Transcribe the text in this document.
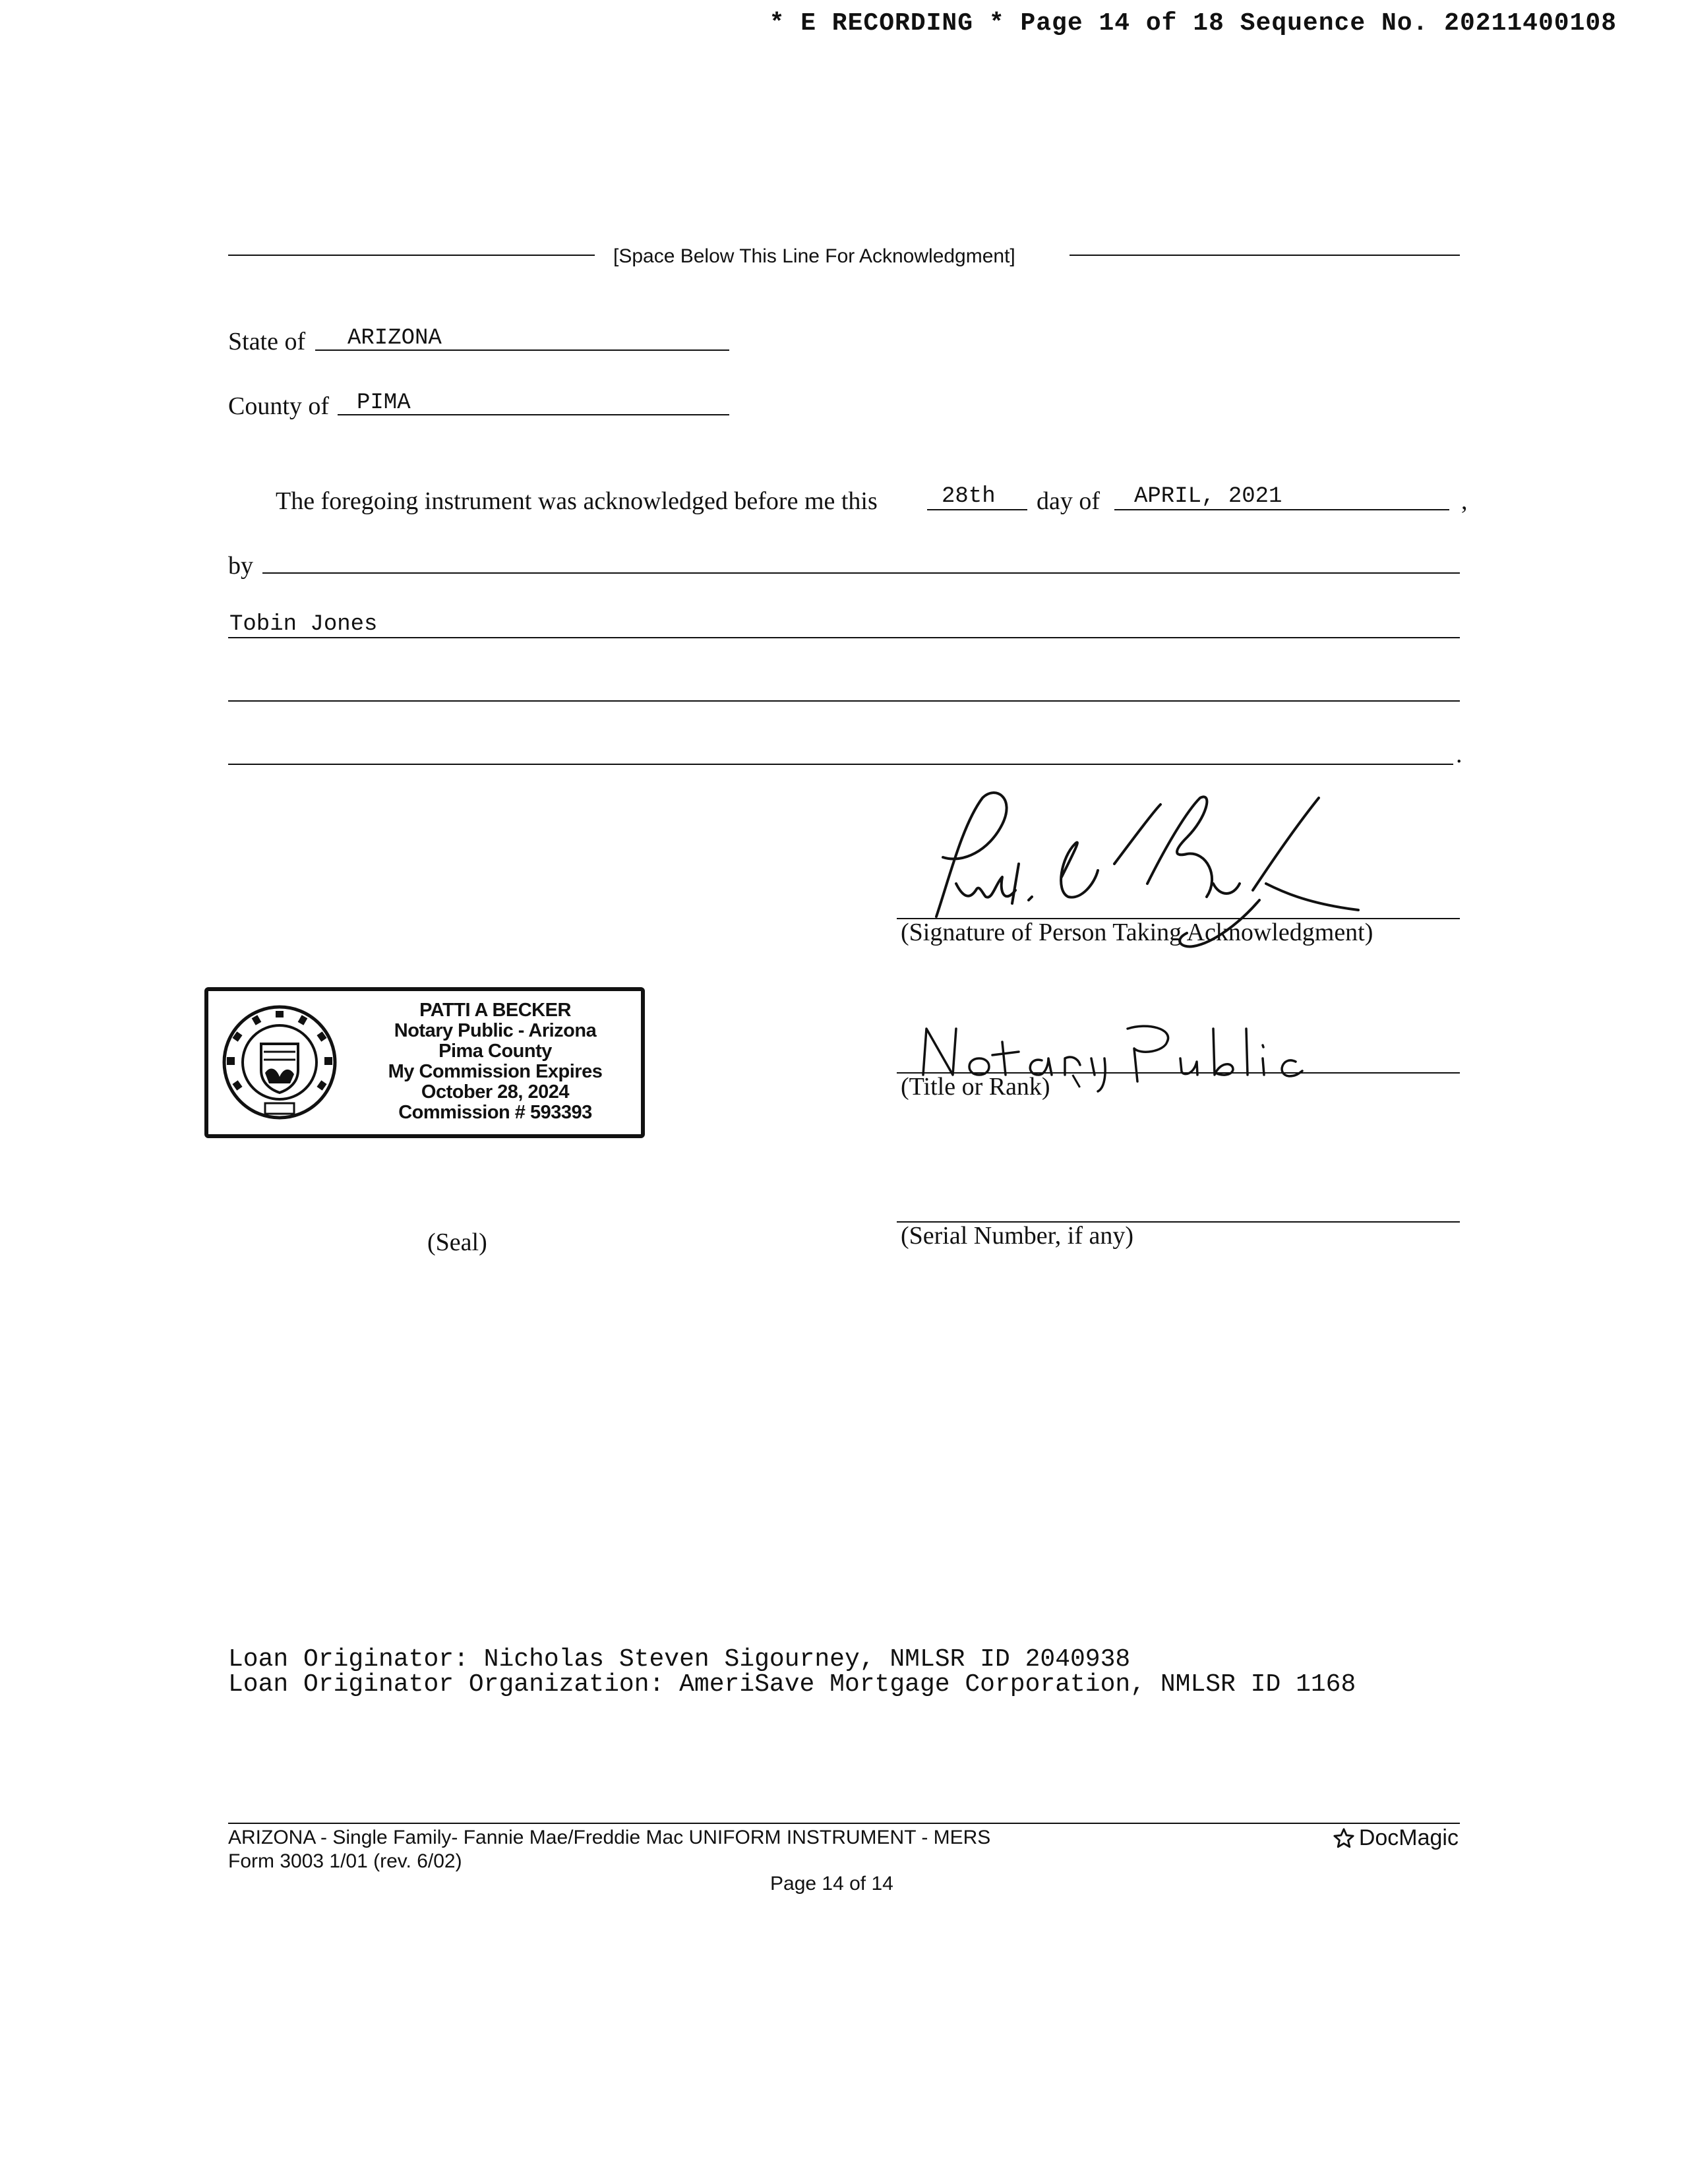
* E RECORDING * Page 14 of 18 Sequence No. 20211400108
[Space Below This Line For Acknowledgment]
State of ARIZONA
County of PIMA
The foregoing instrument was acknowledged before me this	28th day of APRIL, 2021	,
by
Tobin Jones
.
(Signature of Person Taking Acknowledgment)
(Title or Rank)
(Serial Number, if any)
PATTI A BECKER
Notary Public - Arizona
Pima County
My Commission Expires
October 28, 2024
Commission # 593393
(Seal)
Loan Originator: Nicholas Steven Sigourney, NMLSR ID 2040938
Loan Originator Organization: AmeriSave Mortgage Corporation, NMLSR ID 1168
ARIZONA - Single Family- Fannie Mae/Freddie Mac UNIFORM INSTRUMENT - MERS
Form 3003 1/01 (rev. 6/02)
DocMagic
Page 14 of 14
